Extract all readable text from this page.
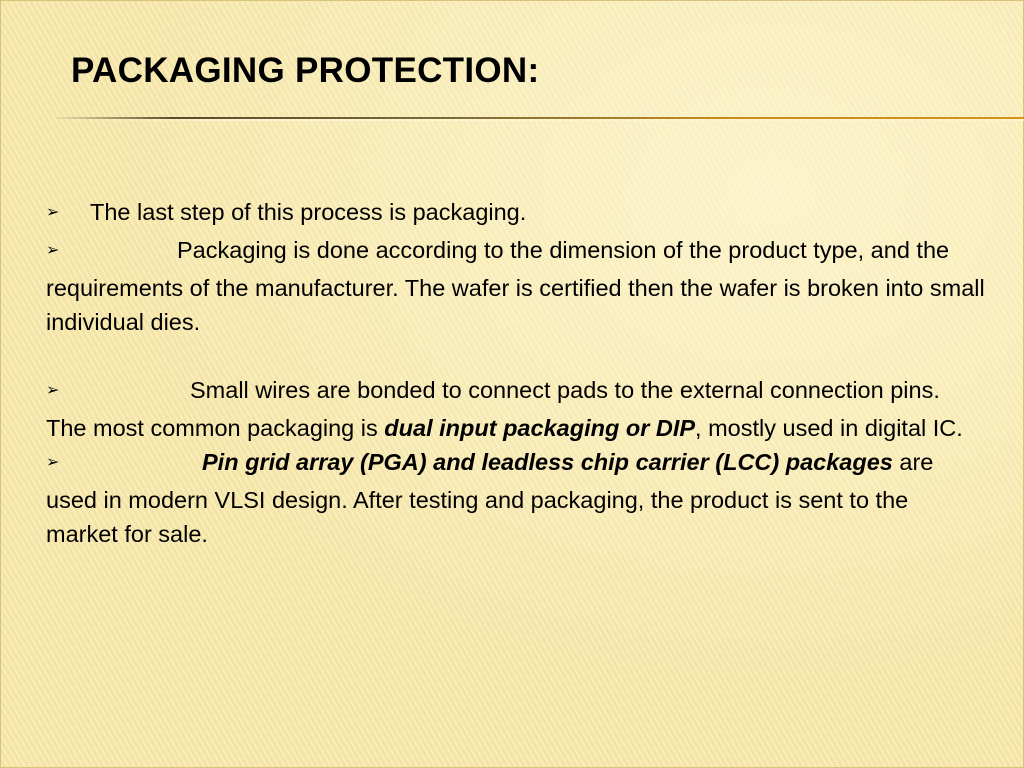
PACKAGING PROTECTION:

➢ The last step of this process is packaging.

➢	Packaging is done according to the dimension of the product type, and the requirements of the manufacturer. The wafer is certified then the wafer is broken into small individual dies.

➢	Small wires are bonded to connect pads to the external connection pins. The most common packaging is dual input packaging or DIP, mostly used in digital IC.

➢	Pin grid array (PGA) and leadless chip carrier (LCC) packages are used in modern VLSI design. After testing and packaging, the product is sent to the market for sale.
